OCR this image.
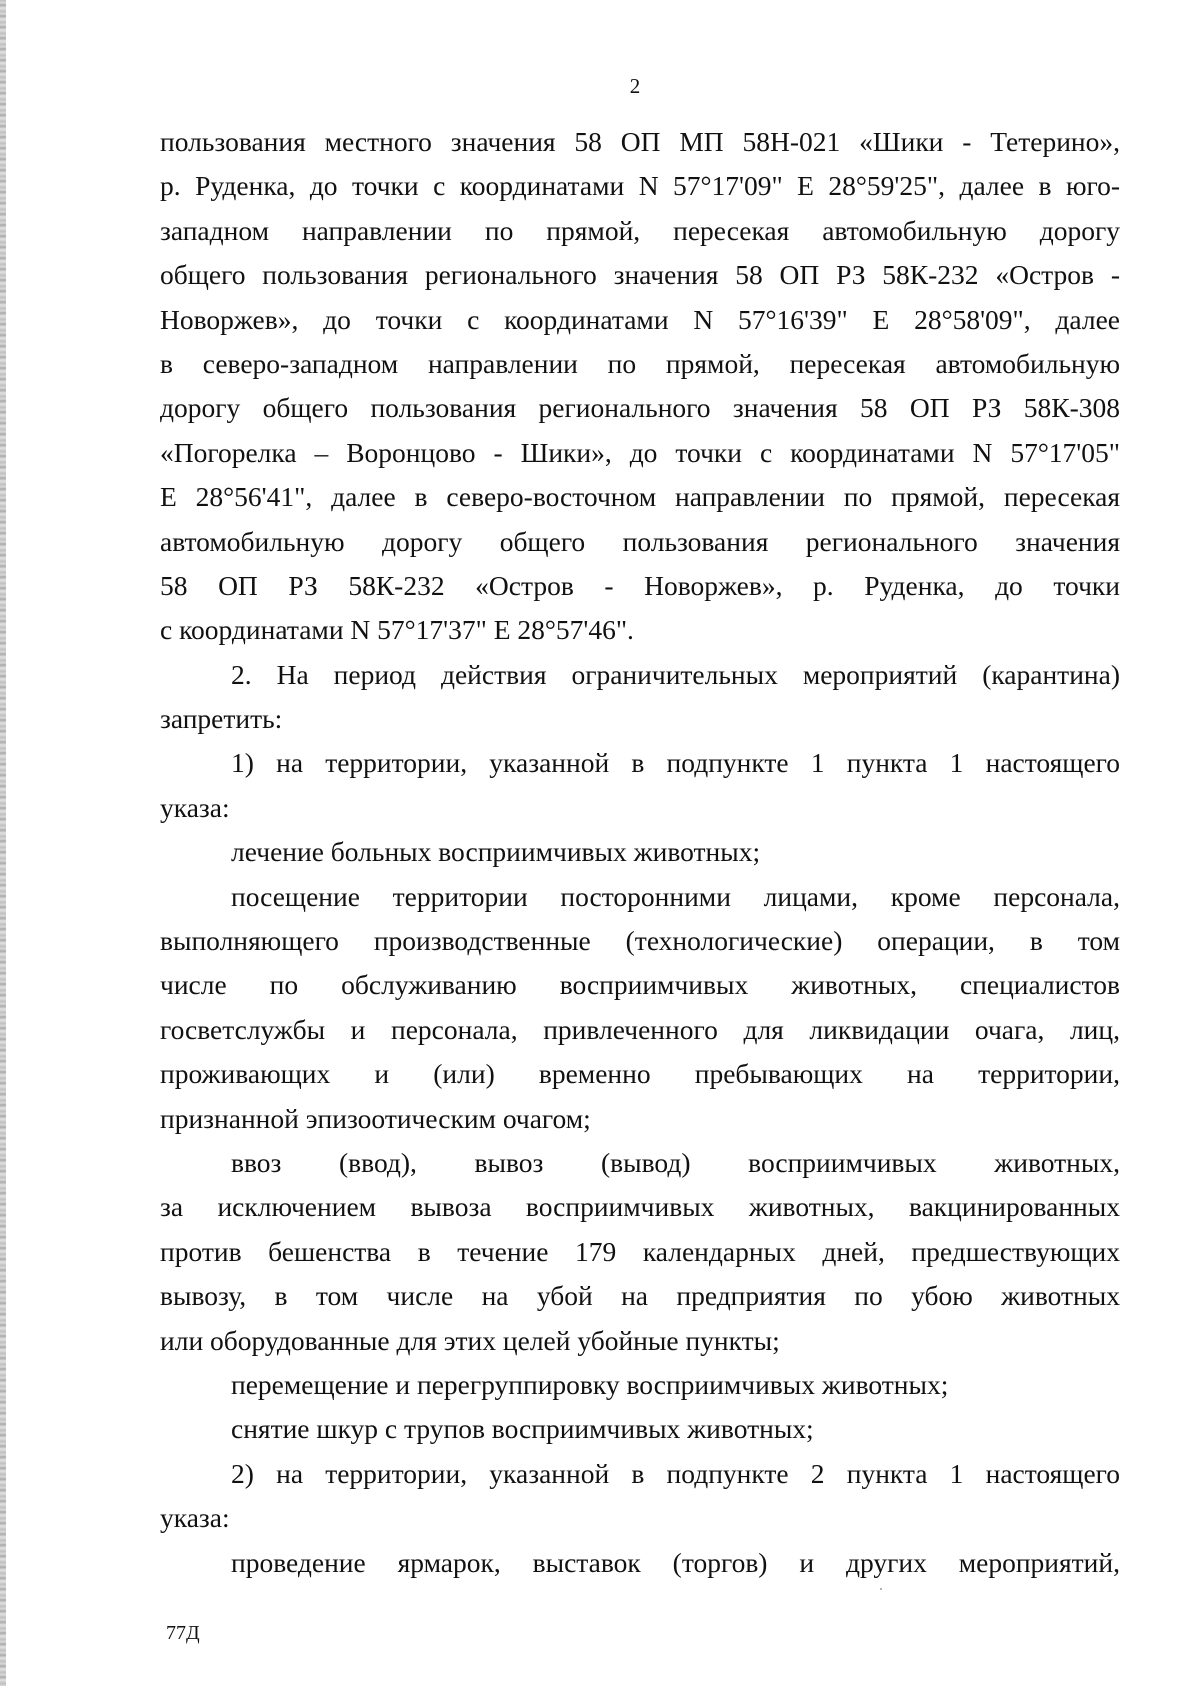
2
пользования местного значения 58 ОП МП 58Н-021 «Шики - Тетерино»,
р. Руденка, до точки с координатами N 57°17'09" E 28°59'25", далее в юго-
западном направлении по прямой, пересекая автомобильную дорогу
общего пользования регионального значения 58 ОП РЗ 58К-232 «Остров -
Новоржев», до точки с координатами N 57°16'39" E 28°58'09", далее
в северо-западном направлении по прямой, пересекая автомобильную
дорогу общего пользования регионального значения 58 ОП РЗ 58К-308
«Погорелка – Воронцово - Шики», до точки с координатами N 57°17'05"
E 28°56'41", далее в северо-восточном направлении по прямой, пересекая
автомобильную дорогу общего пользования регионального значения
58 ОП РЗ 58К-232 «Остров - Новоржев», р. Руденка, до точки
с координатами N 57°17'37" E 28°57'46".
2. На период действия ограничительных мероприятий (карантина)
запретить:
1) на территории, указанной в подпункте 1 пункта 1 настоящего
указа:
лечение больных восприимчивых животных;
посещение территории посторонними лицами, кроме персонала,
выполняющего производственные (технологические) операции, в том
числе по обслуживанию восприимчивых животных, специалистов
госветслужбы и персонала, привлеченного для ликвидации очага, лиц,
проживающих и (или) временно пребывающих на территории,
признанной эпизоотическим очагом;
ввоз (ввод), вывоз (вывод) восприимчивых животных,
за исключением вывоза восприимчивых животных, вакцинированных
против бешенства в течение 179 календарных дней, предшествующих
вывозу, в том числе на убой на предприятия по убою животных
или оборудованные для этих целей убойные пункты;
перемещение и перегруппировку восприимчивых животных;
снятие шкур с трупов восприимчивых животных;
2) на территории, указанной в подпункте 2 пункта 1 настоящего
указа:
проведение ярмарок, выставок (торгов) и других мероприятий,
77Д
